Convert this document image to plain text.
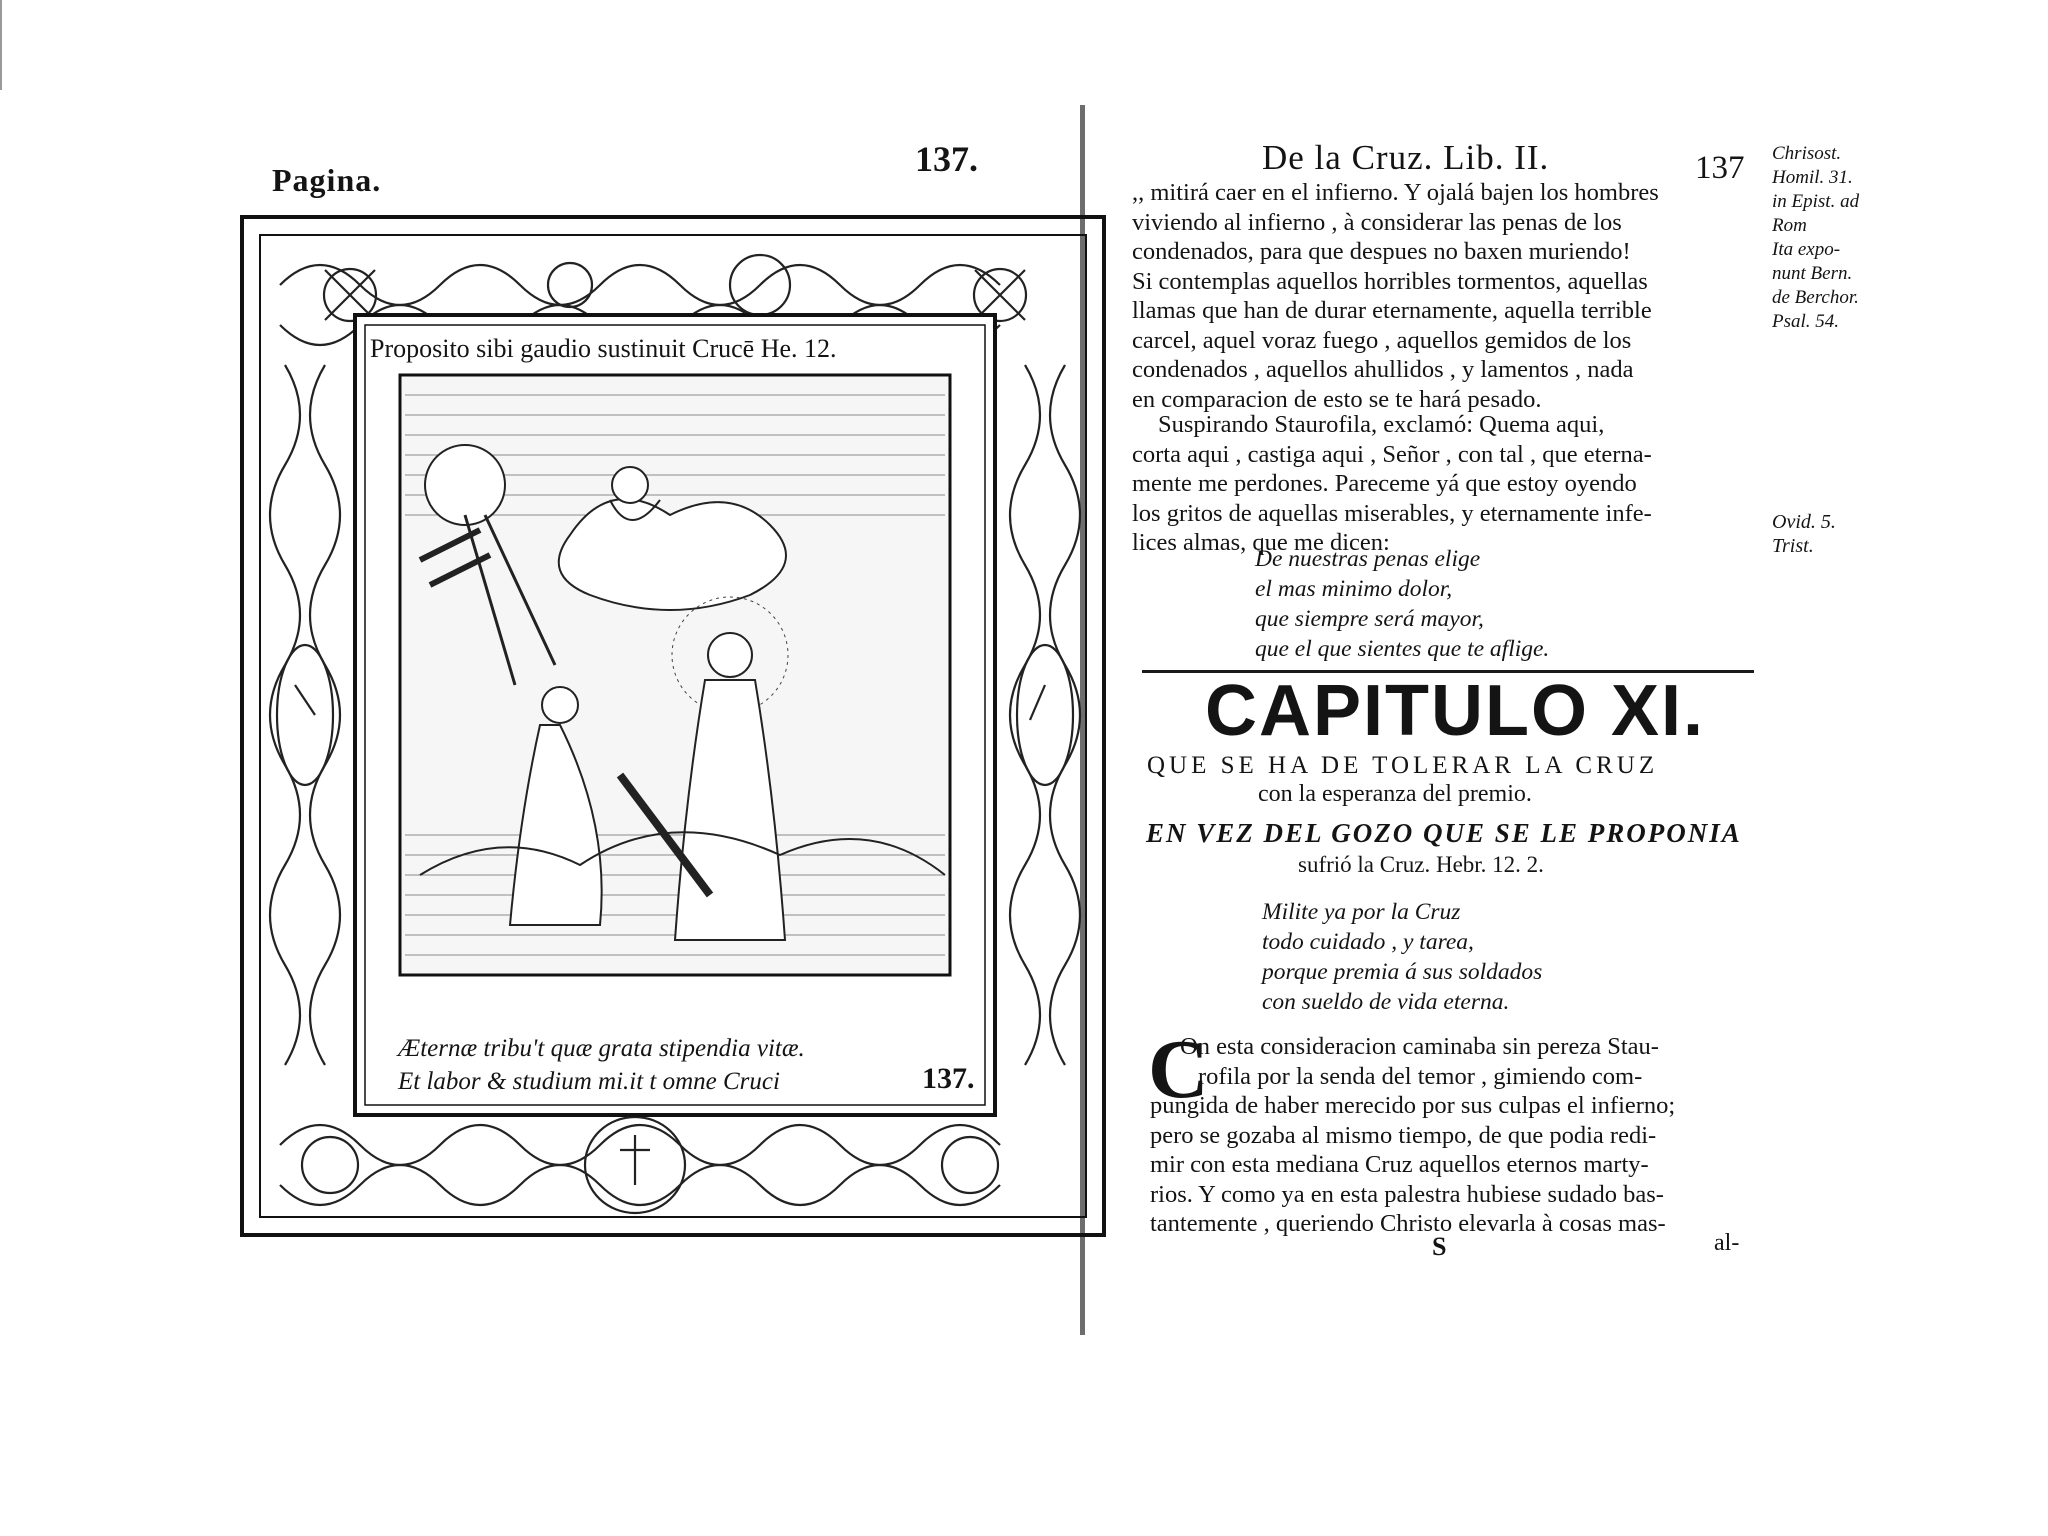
Pagina.
137.
Proposito sibi gaudio sustinuit Crucē He. 12.
Æternæ tribu't quæ grata stipendia vitæ.
Et labor & studium mi.it t omne Cruci	137.
De la Cruz. Lib. II.	137
,, mitirá caer en el infierno. Y ojalá bajen los hombres
viviendo al infierno , à considerar las penas de los
condenados, para que despues no baxen muriendo!
Si contemplas aquellos horribles tormentos, aquellas
llamas que han de durar eternamente, aquella terrible
carcel, aquel voraz fuego , aquellos gemidos de los
condenados , aquellos ahullidos , y lamentos , nada
en comparacion de esto se te hará pesado.
Suspirando Staurofila, exclamó: Quema aqui,
corta aqui , castiga aqui , Señor , con tal , que eterna-
mente me perdones. Pareceme yá que estoy oyendo
los gritos de aquellas miserables, y eternamente infe-
lices almas, que me dicen:
Chrisost.
Homil. 31.
in Epist. ad
Rom
Ita expo-
nunt Bern.
de Berchor.
Psal. 54.
Ovid. 5.
Trist.
De nuestras penas elige
el mas minimo dolor,
que siempre será mayor,
que el que sientes que te aflige.
CAPITULO XI.
QUE SE HA DE TOLERAR LA CRUZ
con la esperanza del premio.
EN VEZ DEL GOZO QUE SE LE PROPONIA
sufrió la Cruz. Hebr. 12. 2.
Milite ya por la Cruz
todo cuidado , y tarea,
porque premia á sus soldados
con sueldo de vida eterna.
C
On esta consideracion caminaba sin pereza Stau-
rofila por la senda del temor , gimiendo com-
pungida de haber merecido por sus culpas el infierno;
pero se gozaba al mismo tiempo, de que podia redi-
mir con esta mediana Cruz aquellos eternos marty-
rios. Y como ya en esta palestra hubiese sudado bas-
tantemente , queriendo Christo elevarla à cosas mas-
S	al-
